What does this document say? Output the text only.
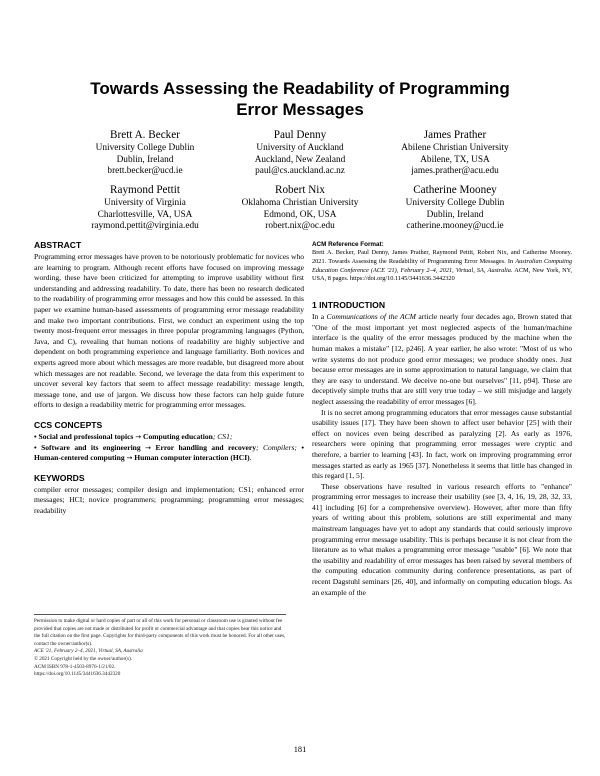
Towards Assessing the Readability of Programming Error Messages
Brett A. Becker
University College Dublin
Dublin, Ireland
brett.becker@ucd.ie
Paul Denny
University of Auckland
Auckland, New Zealand
paul@cs.auckland.ac.nz
James Prather
Abilene Christian University
Abilene, TX, USA
james.prather@acu.edu
Raymond Pettit
University of Virginia
Charlottesville, VA, USA
raymond.pettit@virginia.edu
Robert Nix
Oklahoma Christian University
Edmond, OK, USA
robert.nix@oc.edu
Catherine Mooney
University College Dublin
Dublin, Ireland
catherine.mooney@ucd.ie
ABSTRACT

Programming error messages have proven to be notoriously problematic for novices who are learning to program. Although recent efforts have focused on improving message wording, these have been criticized for attempting to improve usability without first understanding and addressing readability. To date, there has been no research dedicated to the readability of programming error messages and how this could be assessed. In this paper we examine human-based assessments of programming error message readability and make two important contributions. First, we conduct an experiment using the top twenty most-frequent error messages in three popular programming languages (Python, Java, and C), revealing that human notions of readability are highly subjective and dependent on both programming experience and language familiarity. Both novices and experts agreed more about which messages are more readable, but disagreed more about which messages are not readable. Second, we leverage the data from this experiment to uncover several key factors that seem to affect message readability: message length, message tone, and use of jargon. We discuss how these factors can help guide future efforts to design a readability metric for programming error messages.

CCS CONCEPTS

• Social and professional topics → Computing education; CS1;

• Software and its engineering → Error handling and recovery; Compilers; • Human-centered computing → Human computer interaction (HCI).

KEYWORDS

compiler error messages; compiler design and implementation; CS1; enhanced error messages; HCI; novice programmers; programming; programming error messages; readability

Permission to make digital or hard copies of part or all of this work for personal or classroom use is granted without fee provided that copies are not made or distributed for profit or commercial advantage and that copies bear this notice and the full citation on the first page. Copyrights for third-party components of this work must be honored. For all other uses, contact the owner/author(s).

ACE '21, February 2–4, 2021, Virtual, SA, Australia

© 2021 Copyright held by the owner/author(s).

ACM ISBN 978-1-4503-8976-1/21/02.

https://doi.org/10.1145/3441636.3442320

ACM Reference Format:

Brett A. Becker, Paul Denny, James Prather, Raymond Pettit, Robert Nix, and Catherine Mooney. 2021. Towards Assessing the Readability of Programming Error Messages. In Australian Computing Education Conference (ACE '21), February 2–4, 2021, Virtual, SA, Australia. ACM, New York, NY, USA, 8 pages. https://doi.org/10.1145/3441636.3442320

1 INTRODUCTION

In a Communications of the ACM article nearly four decades ago, Brown stated that "One of the most important yet most neglected aspects of the human/machine interface is the quality of the error messages produced by the machine when the human makes a mistake" [12, p246]. A year earlier, he also wrote: "Most of us who write systems do not produce good error messages; we produce shoddy ones. Just because error messages are in some approximation to natural language, we claim that they are easy to understand. We deceive no-one but ourselves" [11, p94]. These are deceptively simple truths that are still very true today – we still misjudge and largely neglect assessing the readability of error messages [6].

It is no secret among programming educators that error messages cause substantial usability issues [17]. They have been shown to affect user behavior [25] with their effect on novices even being described as paralyzing [2]. As early as 1976, researchers were opining that programming error messages were cryptic and therefore, a barrier to learning [43]. In fact, work on improving programming error messages started as early as 1965 [37]. Nonetheless it seems that little has changed in this regard [1, 5].

These observations have resulted in various research efforts to "enhance" programming error messages to increase their usability (see [3, 4, 16, 19, 28, 32, 33, 41] including [6] for a comprehensive overview). However, after more than fifty years of writing about this problem, solutions are still experimental and many mainstream languages have yet to adopt any standards that could seriously improve programming error message usability. This is perhaps because it is not clear from the literature as to what makes a programming error message "usable" [6]. We note that the usability and readability of error messages has been raised by several members of the computing education community during conference presentations, as part of recent Dagstuhl seminars [26, 40], and informally on computing education blogs. As an example of the

181
